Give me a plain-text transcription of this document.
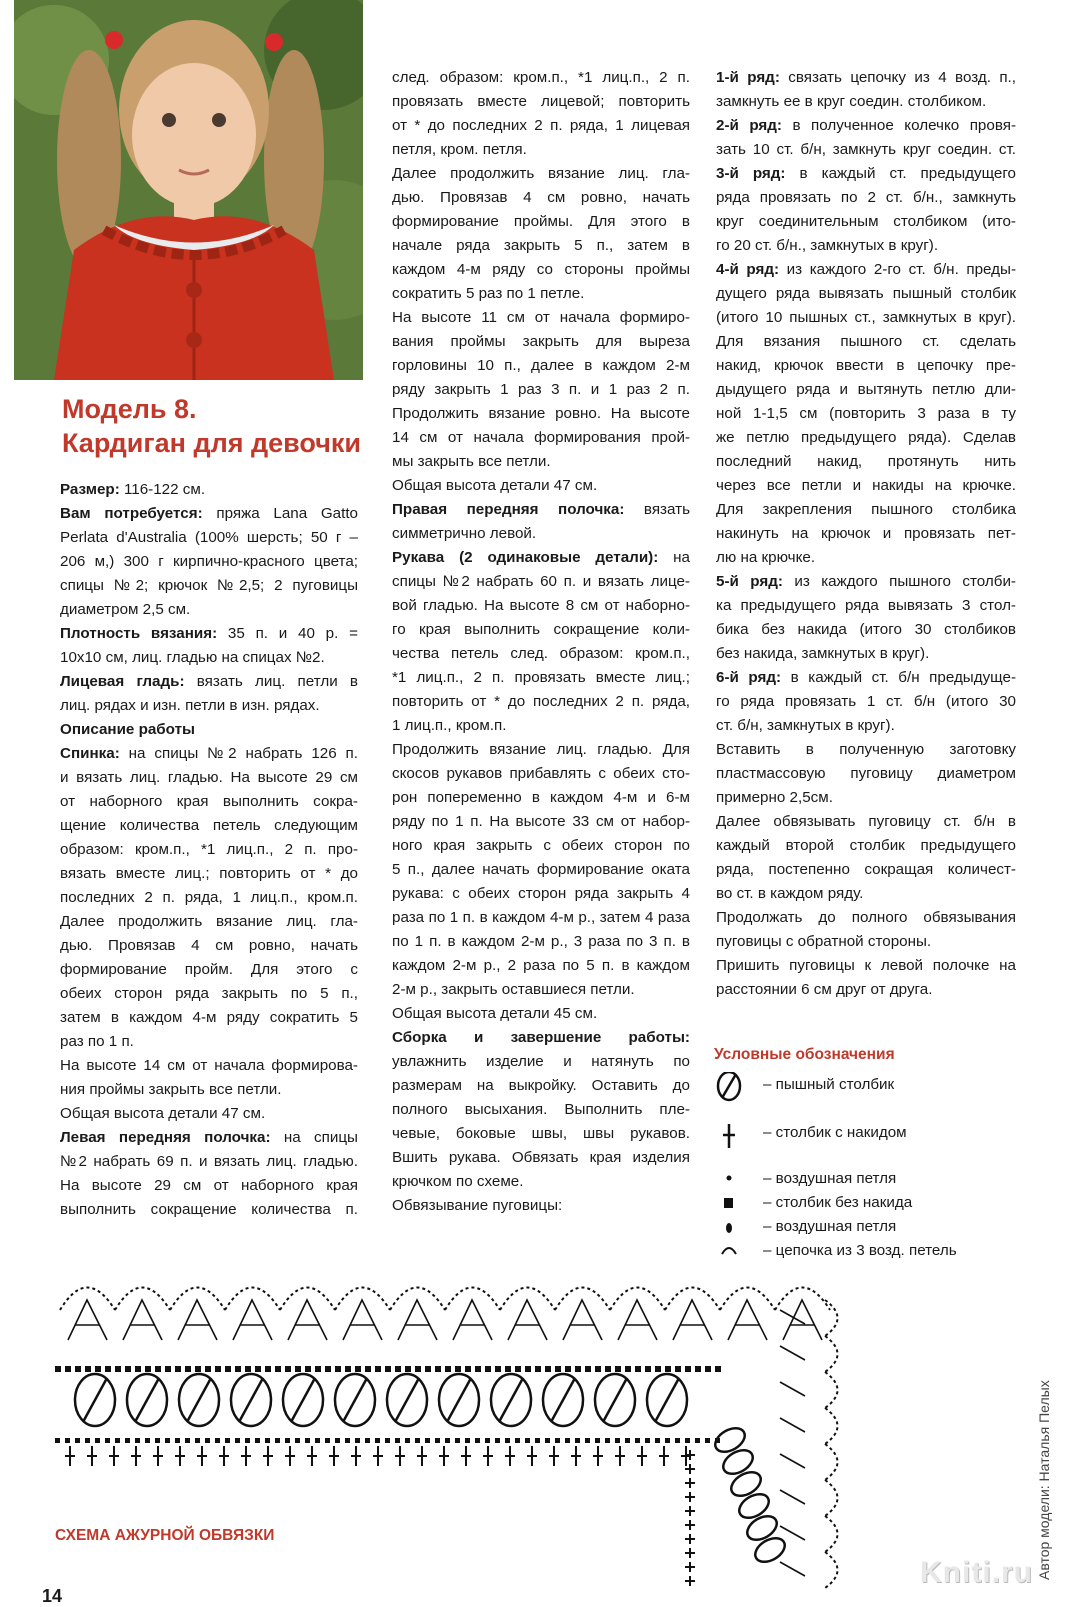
Модель 8.
Кардиган для девочки

Размер: 116-122 см.

Вам потребуется: пряжа Lana Gatto

Perlata d'Australia (100% шерсть; 50 г –

206 м,) 300 г кирпично-красного цвета;

спицы №2; крючок №2,5; 2 пуговицы

диаметром 2,5 см.

Плотность вязания: 35 п. и 40 р. =

10х10 см, лиц. гладью на спицах №2.

Лицевая гладь: вязать лиц. петли в

лиц. рядах и изн. петли в изн. рядах.

Описание работы

Спинка: на спицы №2 набрать 126 п.

и вязать лиц. гладью. На высоте 29 см

от наборного края выполнить сокра-

щение количества петель следующим

образом: кром.п., *1 лиц.п., 2 п. про-

вязать вместе лиц.; повторить от * до

последних 2 п. ряда, 1 лиц.п., кром.п.

Далее продолжить вязание лиц. гла-

дью. Провязав 4 см ровно, начать

формирование пройм. Для этого с

обеих сторон ряда закрыть по 5 п.,

затем в каждом 4-м ряду сократить 5

раз по 1 п.

На высоте 14 см от начала формирова-

ния проймы закрыть все петли.

Общая высота детали 47 см.

Левая передняя полочка: на спицы

№2 набрать 69 п. и вязать лиц. гладью.

На высоте 29 см от наборного края

выполнить сокращение количества п.

след. образом: кром.п., *1 лиц.п., 2 п.

провязать вместе лицевой; повторить

от * до последних 2 п. ряда, 1 лицевая

петля, кром. петля.

Далее продолжить вязание лиц. гла-

дью. Провязав 4 см ровно, начать

формирование проймы. Для этого в

начале ряда закрыть 5 п., затем в

каждом 4-м ряду со стороны проймы

сократить 5 раз по 1 петле.

На высоте 11 см от начала формиро-

вания проймы закрыть для выреза

горловины 10 п., далее в каждом 2-м

ряду закрыть 1 раз 3 п. и 1 раз 2 п.

Продолжить вязание ровно. На высоте

14 см от начала формирования прой-

мы закрыть все петли.

Общая высота детали 47 см.

Правая передняя полочка: вязать

симметрично левой.

Рукава (2 одинаковые детали): на

спицы №2 набрать 60 п. и вязать лице-

вой гладью. На высоте 8 см от наборно-

го края выполнить сокращение коли-

чества петель след. образом: кром.п.,

*1 лиц.п., 2 п. провязать вместе лиц.;

повторить от * до последних 2 п. ряда,

1 лиц.п., кром.п.

Продолжить вязание лиц. гладью. Для

скосов рукавов прибавлять с обеих сто-

рон попеременно в каждом 4-м и 6-м

ряду по 1 п. На высоте 33 см от набор-

ного края закрыть с обеих сторон по

5 п., далее начать формирование оката

рукава: с обеих сторон ряда закрыть 4

раза по 1 п. в каждом 4-м р., затем 4 раза

по 1 п. в каждом 2-м р., 3 раза по 3 п. в

каждом 2-м р., 2 раза по 5 п. в каждом

2-м р., закрыть оставшиеся петли.

Общая высота детали 45 см.

Сборка и завершение работы:

увлажнить изделие и натянуть по

размерам на выкройку. Оставить до

полного высыхания. Выполнить пле-

чевые, боковые швы, швы рукавов.

Вшить рукава. Обвязать края изделия

крючком по схеме.

Обвязывание пуговицы:

1-й ряд: связать цепочку из 4 возд. п.,

замкнуть ее в круг соедин. столбиком.

2-й ряд: в полученное колечко провя-

зать 10 ст. б/н, замкнуть круг соедин. ст.

3-й ряд: в каждый ст. предыдущего

ряда провязать по 2 ст. б/н., замкнуть

круг соединительным столбиком (ито-

го 20 ст. б/н., замкнутых в круг).

4-й ряд: из каждого 2-го ст. б/н. преды-

дущего ряда вывязать пышный столбик

(итого 10 пышных ст., замкнутых в круг).

Для вязания пышного ст. сделать

накид, крючок ввести в цепочку пре-

дыдущего ряда и вытянуть петлю дли-

ной 1-1,5 см (повторить 3 раза в ту

же петлю предыдущего ряда). Сделав

последний накид, протянуть нить

через все петли и накиды на крючке.

Для закрепления пышного столбика

накинуть на крючок и провязать пет-

лю на крючке.

5-й ряд: из каждого пышного столби-

ка предыдущего ряда вывязать 3 стол-

бика без накида (итого 30 столбиков

без накида, замкнутых в круг).

6-й ряд: в каждый ст. б/н предыдуще-

го ряда провязать 1 ст. б/н (итого 30

ст. б/н, замкнутых в круг).

Вставить в полученную заготовку

пластмассовую пуговицу диаметром

примерно 2,5см.

Далее обвязывать пуговицу ст. б/н в

каждый второй столбик предыдущего

ряда, постепенно сокращая количест-

во ст. в каждом ряду.

Продолжать до полного обвязывания

пуговицы с обратной стороны.

Пришить пуговицы к левой полочке на

расстоянии 6 см друг от друга.

Условные обозначения
– пышный столбик
– столбик с накидом
– воздушная петля
– столбик без накида
– воздушная петля
– цепочка из 3 возд. петель
СХЕМА АЖУРНОЙ ОБВЯЗКИ	Автор модели: Наталья Пелых
14
Kniti.ru
